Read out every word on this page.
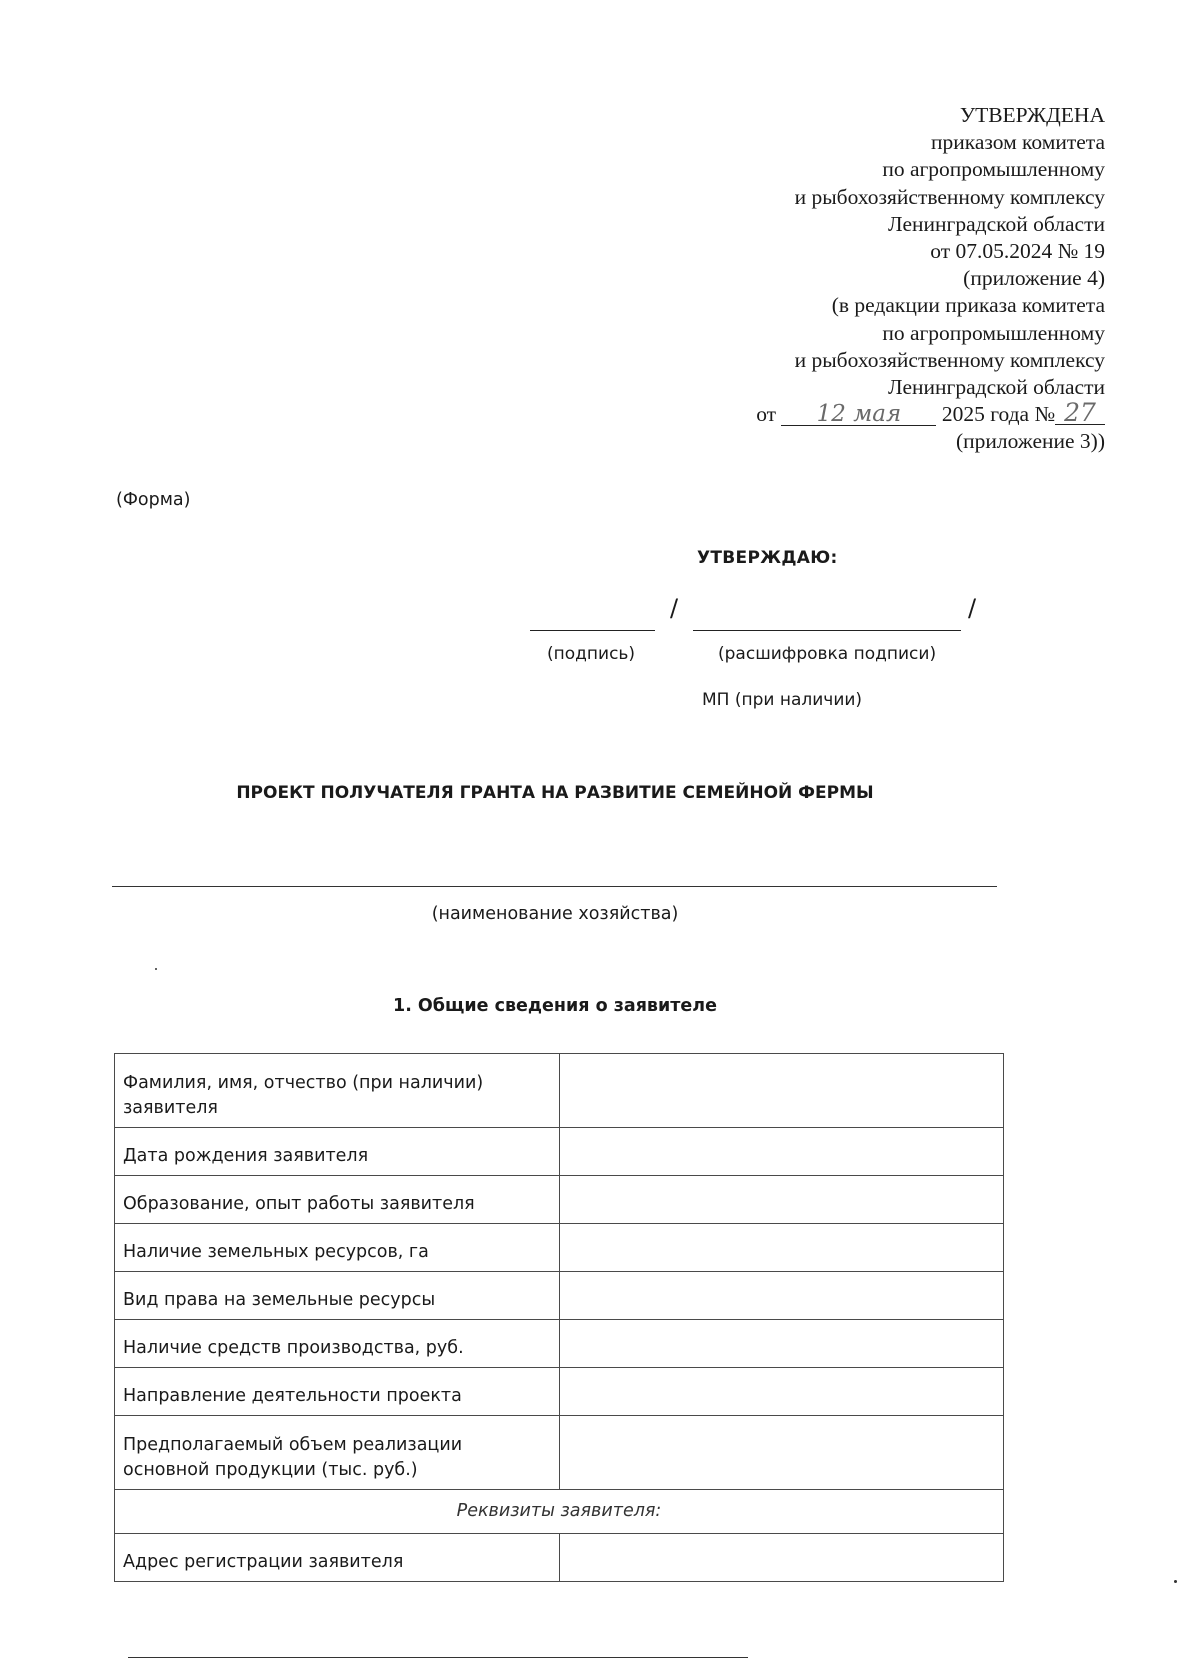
УТВЕРЖДЕНА
приказом комитета
по агропромышленному
и рыбохозяйственному комплексу
Ленинградской области
от 07.05.2024 № 19
(приложение 4)
(в редакции приказа комитета
по агропромышленному
и рыбохозяйственному комплексу
Ленинградской области
от 12 мая 2025 года № 27
(приложение 3))
(Форма)
УТВЕРЖДАЮ:
/	/
(подпись)	(расшифровка подписи)
МП (при наличии)
ПРОЕКТ ПОЛУЧАТЕЛЯ ГРАНТА НА РАЗВИТИЕ СЕМЕЙНОЙ ФЕРМЫ
(наименование хозяйства)
1. Общие сведения о заявителе
Фамилия, имя, отчество (при наличии) заявителя	
Дата рождения заявителя	
Образование, опыт работы заявителя	
Наличие земельных ресурсов, га	
Вид права на земельные ресурсы	
Наличие средств производства, руб.	
Направление деятельности проекта	
Предполагаемый объем реализации основной продукции (тыс. руб.)	
Реквизиты заявителя:	
Адрес регистрации заявителя	
